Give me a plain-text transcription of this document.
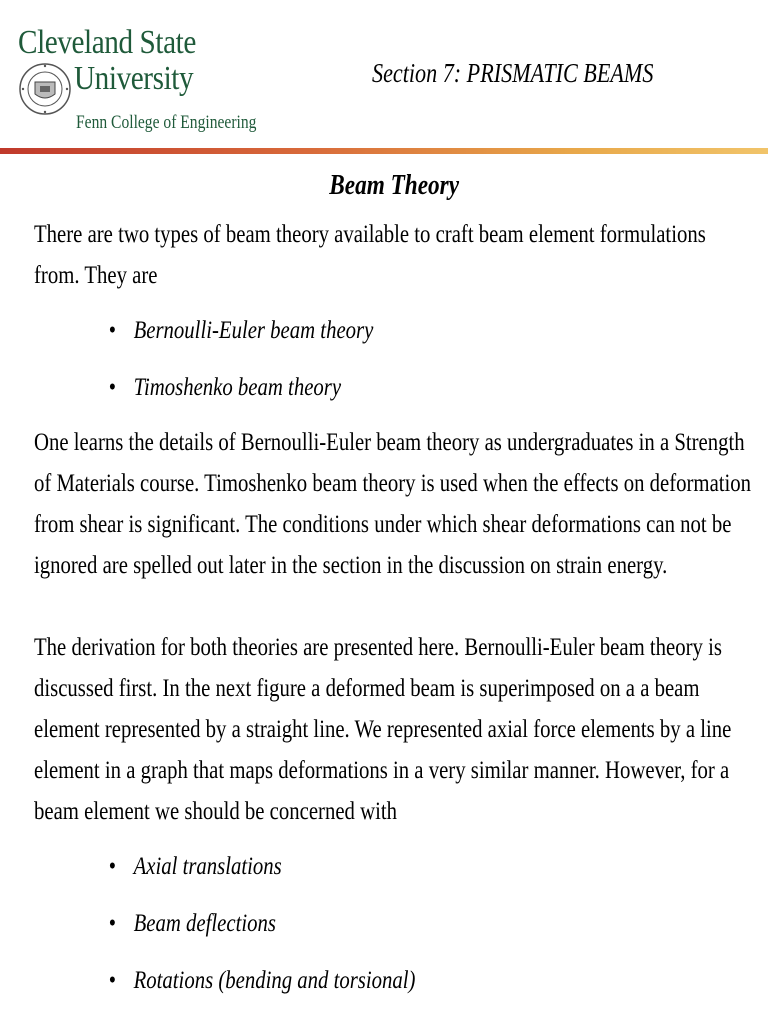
Cleveland State
University
Fenn College of Engineering
Section 7: PRISMATIC BEAMS
Beam Theory

There are two types of beam theory available to craft beam element formulations from. They are

• Bernoulli-Euler beam theory
• Timoshenko beam theory

One learns the details of Bernoulli-Euler beam theory as undergraduates in a Strength of Materials course. Timoshenko beam theory is used when the effects on deformation from shear is significant. The conditions under which shear deformations can not be ignored are spelled out later in the section in the discussion on strain energy.

The derivation for both theories are presented here. Bernoulli-Euler beam theory is discussed first. In the next figure a deformed beam is superimposed on a a beam element represented by a straight line. We represented axial force elements by a line element in a graph that maps deformations in a very similar manner. However, for a beam element we should be concerned with

• Axial translations
• Beam deflections
• Rotations (bending and torsional)
